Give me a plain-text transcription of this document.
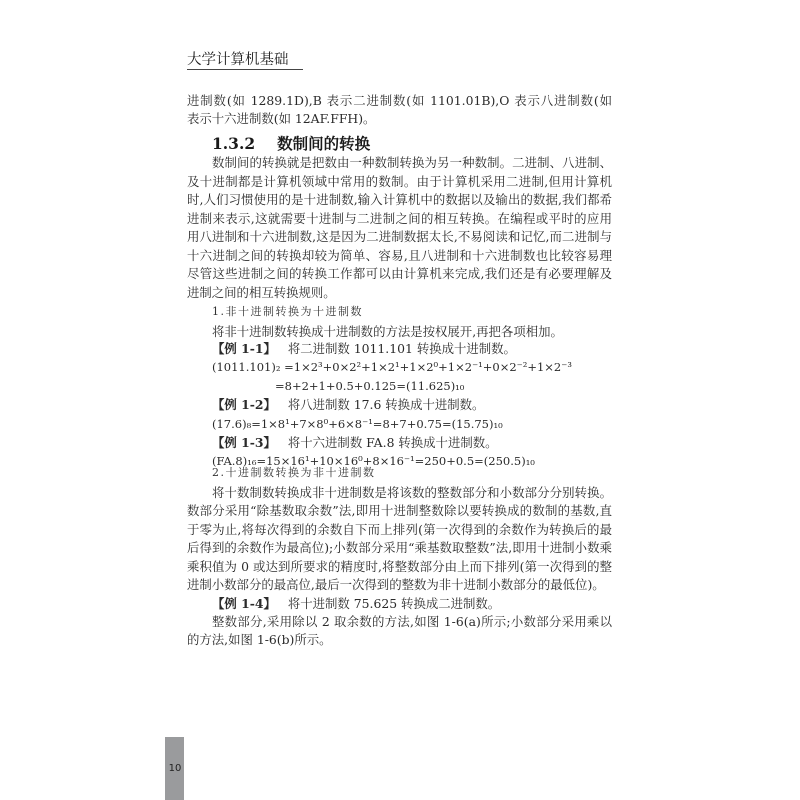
大学计算机基础
进制数(如 1289.1D),B 表示二进制数(如 1101.01B),O 表示八进制数(如
表示十六进制数(如 12AF.FFH)。
1.3.2 数制间的转换
数制间的转换就是把数由一种数制转换为另一种数制。二进制、八进制、
及十进制都是计算机领域中常用的数制。由于计算机采用二进制,但用计算机
时,人们习惯使用的是十进制数,输入计算机中的数据以及输出的数据,我们都希
进制来表示,这就需要十进制与二进制之间的相互转换。在编程或平时的应用
用八进制和十六进制数,这是因为二进制数据太长,不易阅读和记忆,而二进制与
十六进制之间的转换却较为简单、容易,且八进制和十六进制数也比较容易理
尽管这些进制之间的转换工作都可以由计算机来完成,我们还是有必要理解及
进制之间的相互转换规则。
1.非十进制转换为十进制数
将非十进制数转换成十进制数的方法是按权展开,再把各项相加。
【例 1-1】 将二进制数 1011.101 转换成十进制数。
(1011.101)₂ =1×2³+0×2²+1×2¹+1×2⁰+1×2⁻¹+0×2⁻²+1×2⁻³
=8+2+1+0.5+0.125=(11.625)₁₀
【例 1-2】 将八进制数 17.6 转换成十进制数。
(17.6)₈=1×8¹+7×8⁰+6×8⁻¹=8+7+0.75=(15.75)₁₀
【例 1-3】 将十六进制数 FA.8 转换成十进制数。
(FA.8)₁₆=15×16¹+10×16⁰+8×16⁻¹=250+0.5=(250.5)₁₀
2.十进制数转换为非十进制数
将十数制数转换成非十进制数是将该数的整数部分和小数部分分别转换。
数部分采用“除基数取余数”法,即用十进制整数除以要转换成的数制的基数,直
于零为止,将每次得到的余数自下而上排列(第一次得到的余数作为转换后的最
后得到的余数作为最高位);小数部分采用“乘基数取整数”法,即用十进制小数乘
乘积值为 0 或达到所要求的精度时,将整数部分由上而下排列(第一次得到的整
进制小数部分的最高位,最后一次得到的整数为非十进制小数部分的最低位)。
【例 1-4】 将十进制数 75.625 转换成二进制数。
整数部分,采用除以 2 取余数的方法,如图 1-6(a)所示;小数部分采用乘以
的方法,如图 1-6(b)所示。
10
